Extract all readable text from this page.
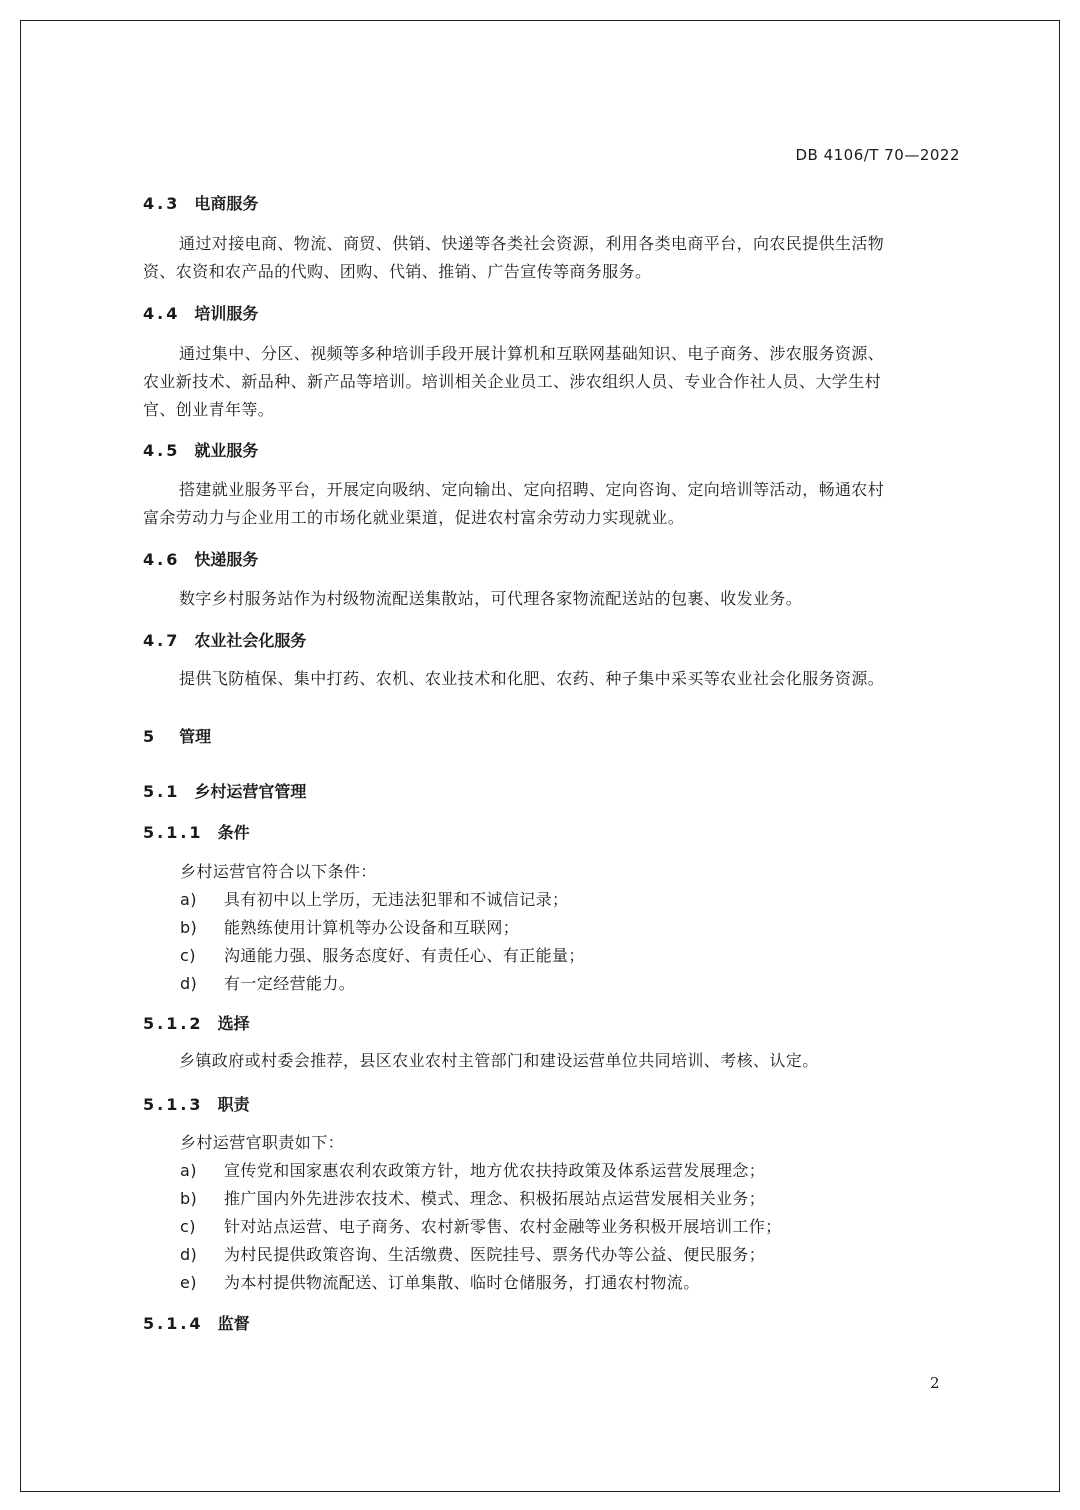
DB 4106/T 70—2022
4.3 电商服务
通过对接电商、物流、商贸、供销、快递等各类社会资源，利用各类电商平台，向农民提供生活物
资、农资和农产品的代购、团购、代销、推销、广告宣传等商务服务。
4.4 培训服务
通过集中、分区、视频等多种培训手段开展计算机和互联网基础知识、电子商务、涉农服务资源、
农业新技术、新品种、新产品等培训。培训相关企业员工、涉农组织人员、专业合作社人员、大学生村
官、创业青年等。
4.5 就业服务
搭建就业服务平台，开展定向吸纳、定向输出、定向招聘、定向咨询、定向培训等活动，畅通农村
富余劳动力与企业用工的市场化就业渠道，促进农村富余劳动力实现就业。
4.6 快递服务
数字乡村服务站作为村级物流配送集散站，可代理各家物流配送站的包裹、收发业务。
4.7 农业社会化服务
提供飞防植保、集中打药、农机、农业技术和化肥、农药、种子集中采买等农业社会化服务资源。
5 管理
5.1 乡村运营官管理
5.1.1 条件
乡村运营官符合以下条件：
a) 具有初中以上学历，无违法犯罪和不诚信记录；
b) 能熟练使用计算机等办公设备和互联网；
c) 沟通能力强、服务态度好、有责任心、有正能量；
d) 有一定经营能力。
5.1.2 选择
乡镇政府或村委会推荐，县区农业农村主管部门和建设运营单位共同培训、考核、认定。
5.1.3 职责
乡村运营官职责如下：
a) 宣传党和国家惠农利农政策方针，地方优农扶持政策及体系运营发展理念；
b) 推广国内外先进涉农技术、模式、理念、积极拓展站点运营发展相关业务；
c) 针对站点运营、电子商务、农村新零售、农村金融等业务积极开展培训工作；
d) 为村民提供政策咨询、生活缴费、医院挂号、票务代办等公益、便民服务；
e) 为本村提供物流配送、订单集散、临时仓储服务，打通农村物流。
5.1.4 监督
2
